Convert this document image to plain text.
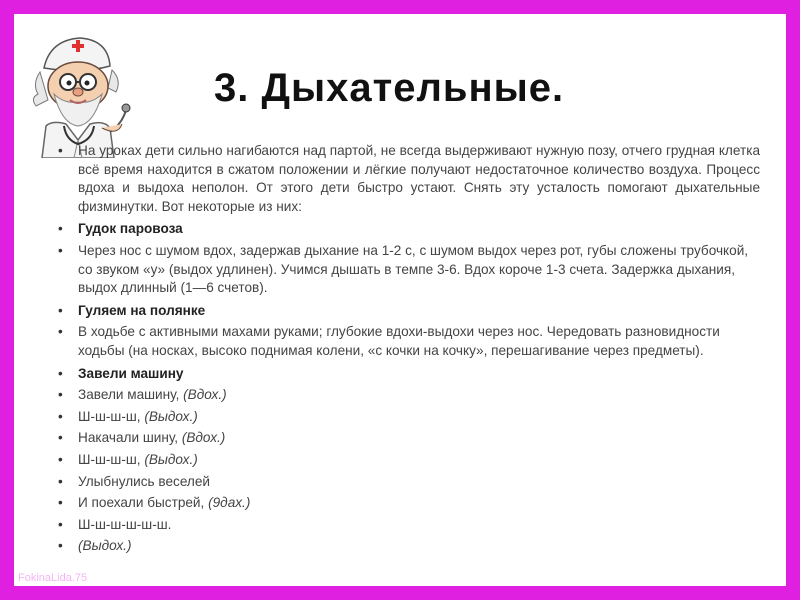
3. Дыхательные.
• На уроках дети сильно нагибаются над партой, не всегда выдерживают нужную позу, отчего грудная клетка всё время находится в сжатом положении и лёгкие получают недостаточное количество воздуха. Процесс вдоха и выдоха неполон. От этого дети быстро устают. Снять эту усталость помогают дыхательные физминутки. Вот некоторые из них:
• Гудок паровоза
• Через нос с шумом вдох, задержав дыхание на 1-2 с, с шумом выдох через рот, губы сложены трубочкой, со звуком «у» (выдох удлинен). Учимся дышать в темпе 3-6. Вдох короче 1-3 счета. Задержка дыхания, выдох длинный (1—6 счетов).
• Гуляем на полянке
• В ходьбе с активными махами руками; глубокие вдохи-выдохи через нос. Чередовать разновидности ходьбы (на носках, высоко поднимая колени, «с кочки на кочку», перешагивание через предметы).
• Завели машину
• Завели машину, (Вдох.)
• Ш-ш-ш-ш, (Выдох.)
• Накачали шину, (Вдох.)
• Ш-ш-ш-ш, (Выдох.)
• Улыбнулись веселей
• И поехали быстрей, (9дах.)
• Ш-ш-ш-ш-ш-ш.
• (Выдох.)
FokinaLida.75
